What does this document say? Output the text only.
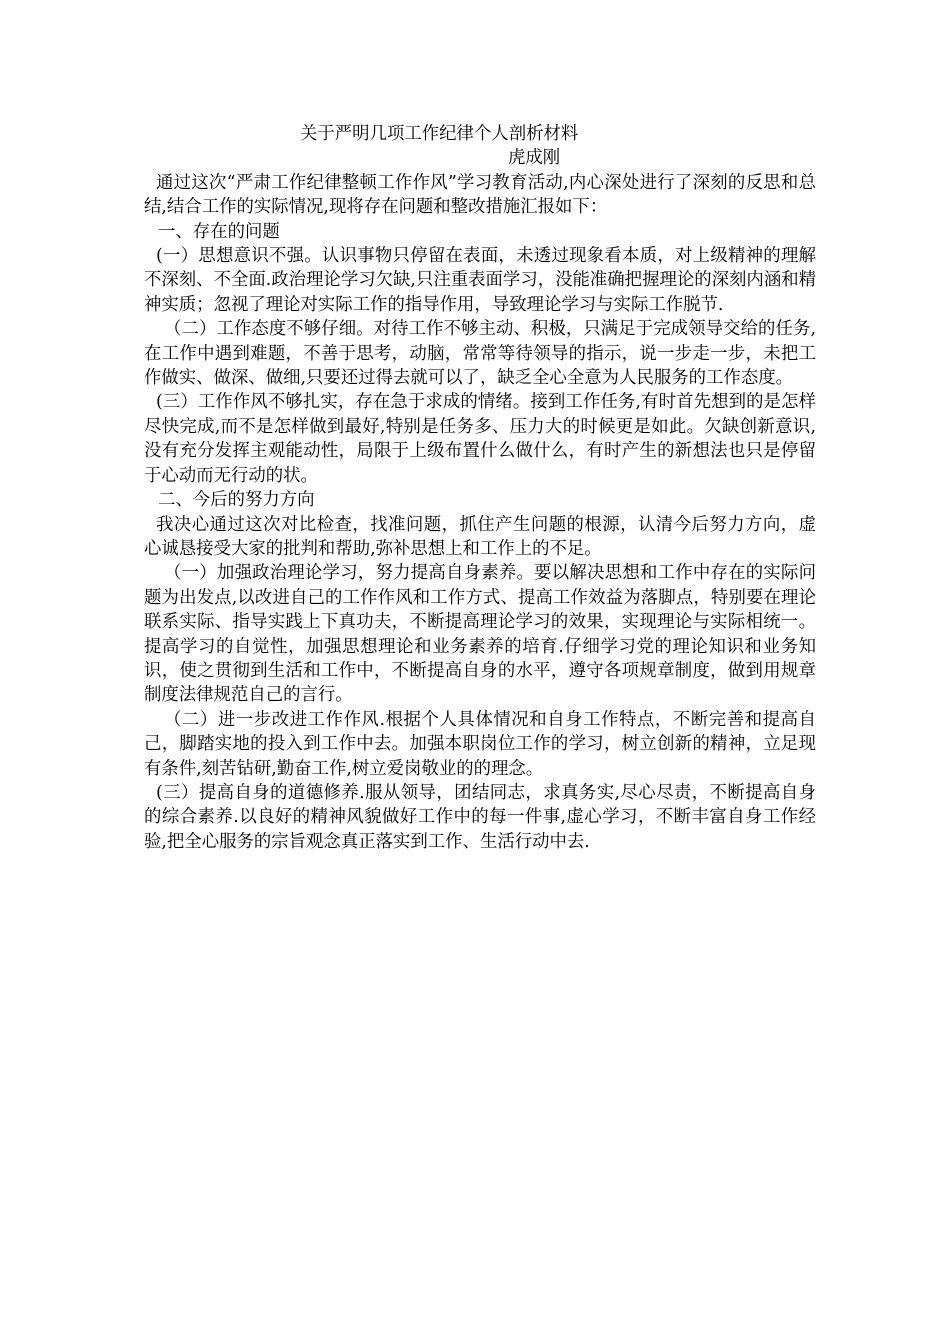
关于严明几项工作纪律个人剖析材料

虎成刚

通过这次“严肃工作纪律整顿工作作风”学习教育活动,内心深处进行了深刻的反思和总结,结合工作的实际情况,现将存在问题和整改措施汇报如下：

一、存在的问题

(一）思想意识不强。认识事物只停留在表面，未透过现象看本质，对上级精神的理解不深刻、不全面.政治理论学习欠缺,只注重表面学习，没能准确把握理论的深刻内涵和精神实质；忽视了理论对实际工作的指导作用，导致理论学习与实际工作脱节.

（二）工作态度不够仔细。对待工作不够主动、积极，只满足于完成领导交给的任务,在工作中遇到难题，不善于思考，动脑，常常等待领导的指示，说一步走一步，未把工作做实、做深、做细,只要还过得去就可以了，缺乏全心全意为人民服务的工作态度。

(三）工作作风不够扎实，存在急于求成的情绪。接到工作任务,有时首先想到的是怎样尽快完成,而不是怎样做到最好,特别是任务多、压力大的时候更是如此。欠缺创新意识,没有充分发挥主观能动性，局限于上级布置什么做什么，有时产生的新想法也只是停留于心动而无行动的状。

二、今后的努力方向

我决心通过这次对比检查，找准问题，抓住产生问题的根源，认清今后努力方向，虚心诚恳接受大家的批判和帮助,弥补思想上和工作上的不足。

（一）加强政治理论学习，努力提高自身素养。要以解决思想和工作中存在的实际问题为出发点,以改进自己的工作作风和工作方式、提高工作效益为落脚点，特别要在理论联系实际、指导实践上下真功夫，不断提高理论学习的效果，实现理论与实际相统一。提高学习的自觉性，加强思想理论和业务素养的培育.仔细学习党的理论知识和业务知识，使之贯彻到生活和工作中，不断提高自身的水平，遵守各项规章制度，做到用规章制度法律规范自己的言行。

（二）进一步改进工作作风.根据个人具体情况和自身工作特点，不断完善和提高自己，脚踏实地的投入到工作中去。加强本职岗位工作的学习，树立创新的精神，立足现有条件,刻苦钻研,勤奋工作,树立爱岗敬业的的理念。

(三）提高自身的道德修养.服从领导，团结同志，求真务实,尽心尽责，不断提高自身的综合素养.以良好的精神风貌做好工作中的每一件事,虚心学习，不断丰富自身工作经验,把全心服务的宗旨观念真正落实到工作、生活行动中去.
